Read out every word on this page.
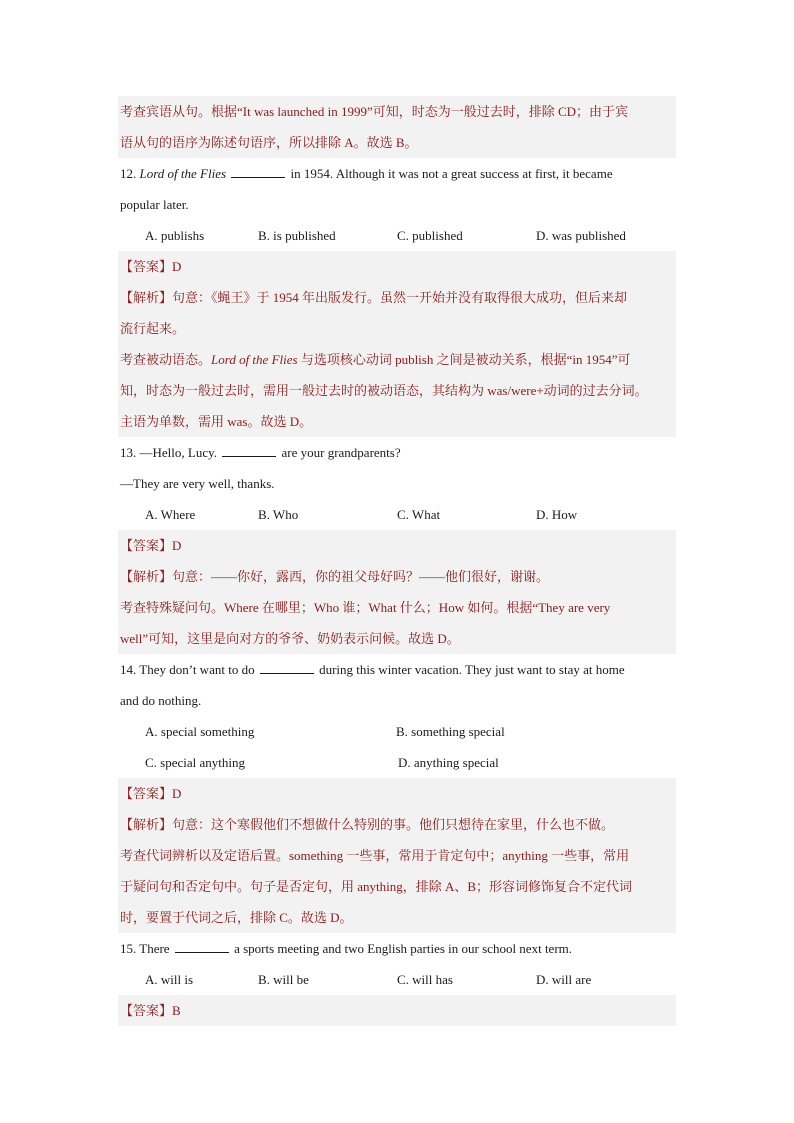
考查宾语从句。根据“It was launched in 1999”可知，时态为一般过去时，排除 CD；由于宾
语从句的语序为陈述句语序，所以排除 A。故选 B。
12. Lord of the Flies	in 1954. Although it was not a great success at first, it became
popular later.
A. publishs	B. is published	C. published	D. was published
【答案】D
【解析】句意：《蝇王》于 1954 年出版发行。虽然一开始并没有取得很大成功，但后来却
流行起来。
考查被动语态。Lord of the Flies 与选项核心动词 publish 之间是被动关系，根据“in 1954”可
知，时态为一般过去时，需用一般过去时的被动语态，其结构为 was/were+动词的过去分词。
主语为单数，需用 was。故选 D。
13. —Hello, Lucy.	are your grandparents?
—They are very well, thanks.
A. Where	B. Who	C. What	D. How
【答案】D
【解析】句意：——你好，露西，你的祖父母好吗？——他们很好，谢谢。
考查特殊疑问句。Where 在哪里；Who 谁；What 什么；How 如何。根据“They are very
well”可知，这里是向对方的爷爷、奶奶表示问候。故选 D。
14. They don’t want to do	during this winter vacation. They just want to stay at home
and do nothing.
A. special something	B. something special
C. special anything	D. anything special
【答案】D
【解析】句意：这个寒假他们不想做什么特别的事。他们只想待在家里，什么也不做。
考查代词辨析以及定语后置。something 一些事，常用于肯定句中；anything 一些事，常用
于疑问句和否定句中。句子是否定句，用 anything，排除 A、B；形容词修饰复合不定代词
时，要置于代词之后，排除 C。故选 D。
15. There	a sports meeting and two English parties in our school next term.
A. will is	B. will be	C. will has	D. will are
【答案】B
